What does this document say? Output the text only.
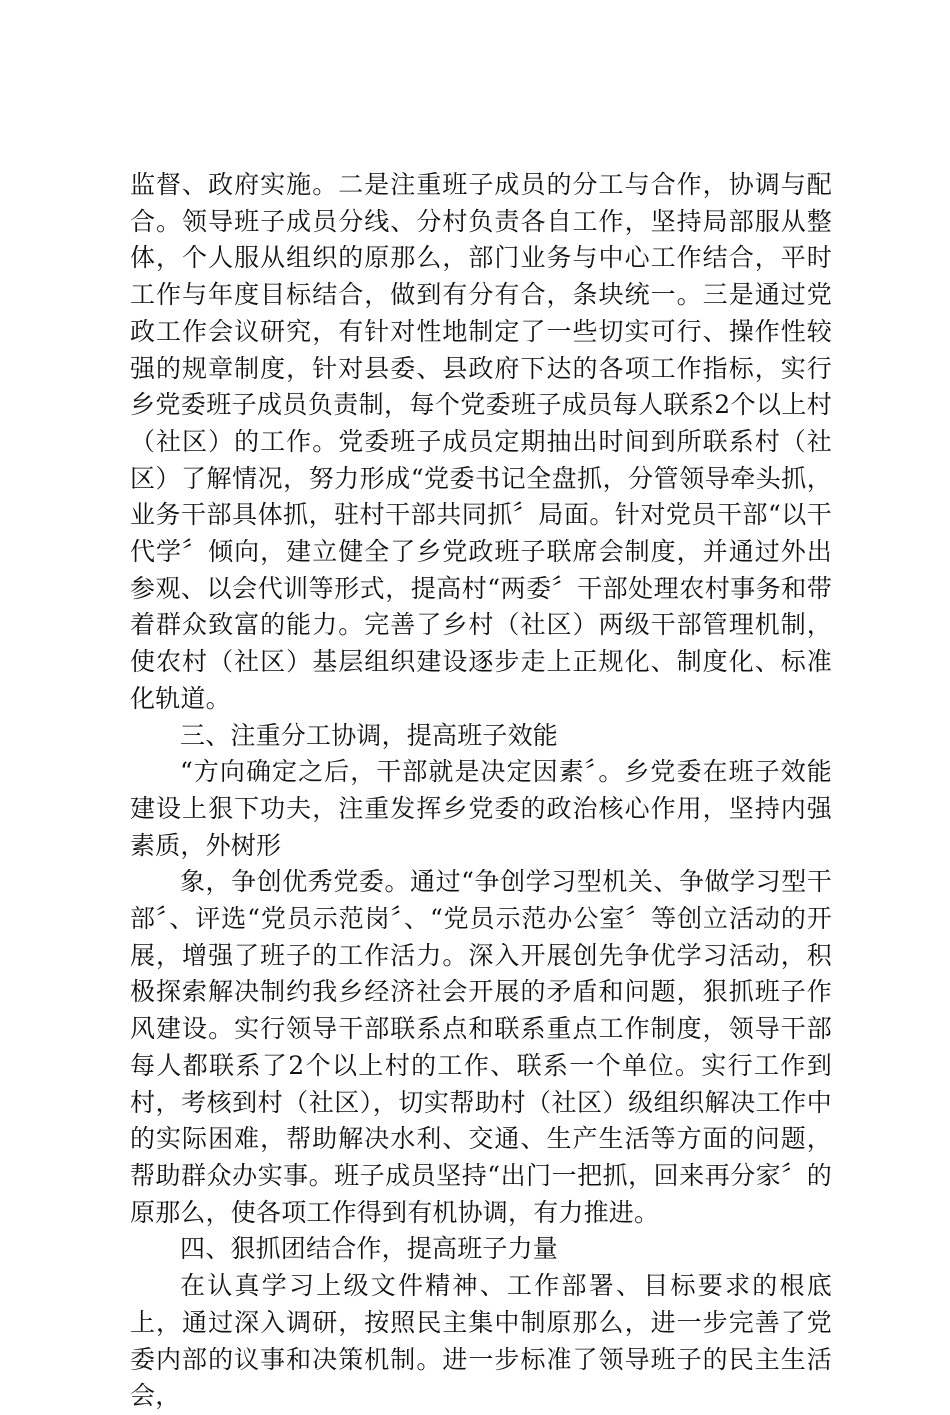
监督、政府实施。二是注重班子成员的分工与合作，协调与配合。领导班子成员分线、分村负责各自工作，坚持局部服从整体，个人服从组织的原那么，部门业务与中心工作结合，平时工作与年度目标结合，做到有分有合，条块统一。三是通过党政工作会议研究，有针对性地制定了一些切实可行、操作性较强的规章制度，针对县委、县政府下达的各项工作指标，实行乡党委班子成员负责制，每个党委班子成员每人联系2个以上村（社区）的工作。党委班子成员定期抽出时间到所联系村（社区）了解情况，努力形成“党委书记全盘抓，分管领导牵头抓，业务干部具体抓，驻村干部共同抓〞局面。针对党员干部“以干代学〞倾向，建立健全了乡党政班子联席会制度，并通过外出参观、以会代训等形式，提高村“两委〞干部处理农村事务和带着群众致富的能力。完善了乡村（社区）两级干部管理机制，使农村（社区）基层组织建设逐步走上正规化、制度化、标准化轨道。

三、注重分工协调，提高班子效能

“方向确定之后，干部就是决定因素〞。乡党委在班子效能建设上狠下功夫，注重发挥乡党委的政治核心作用，坚持内强素质，外树形

象，争创优秀党委。通过“争创学习型机关、争做学习型干部〞、评选“党员示范岗〞、“党员示范办公室〞等创立活动的开展，增强了班子的工作活力。深入开展创先争优学习活动，积极探索解决制约我乡经济社会开展的矛盾和问题，狠抓班子作风建设。实行领导干部联系点和联系重点工作制度，领导干部每人都联系了2个以上村的工作、联系一个单位。实行工作到村，考核到村（社区），切实帮助村（社区）级组织解决工作中的实际困难，帮助解决水利、交通、生产生活等方面的问题，帮助群众办实事。班子成员坚持“出门一把抓，回来再分家〞的原那么，使各项工作得到有机协调，有力推进。

四、狠抓团结合作，提高班子力量

在认真学习上级文件精神、工作部署、目标要求的根底上，通过深入调研，按照民主集中制原那么，进一步完善了党委内部的议事和决策机制。进一步标准了领导班子的民主生活会，
